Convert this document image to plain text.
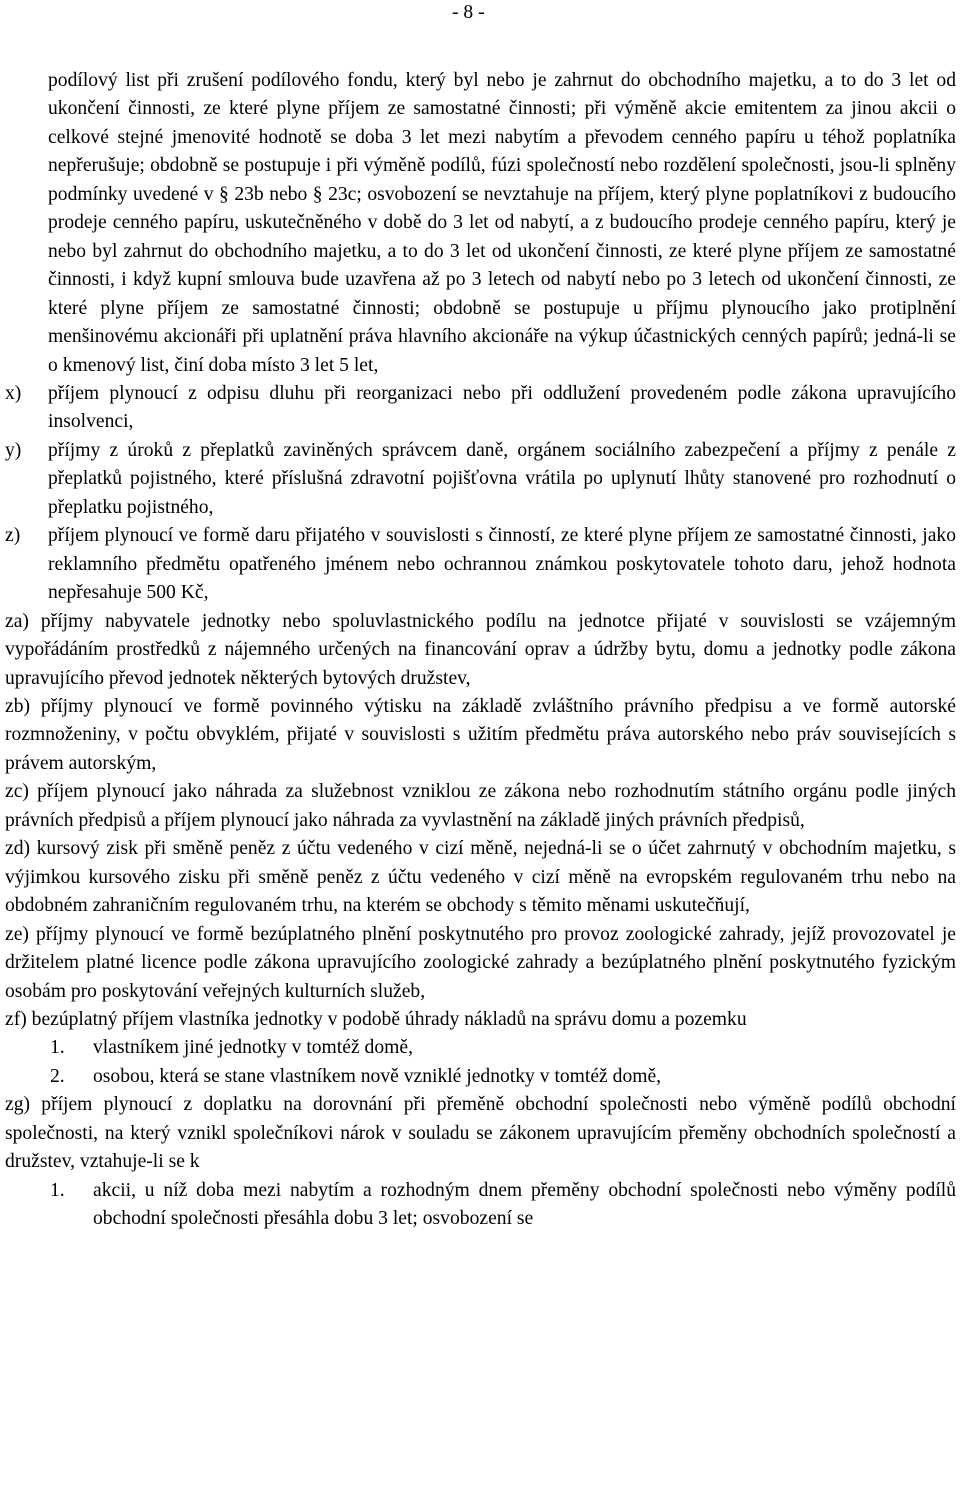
- 8 -

podílový list při zrušení podílového fondu, který byl nebo je zahrnut do obchodního majetku, a to do 3 let od ukončení činnosti, ze které plyne příjem ze samostatné činnosti; při výměně akcie emitentem za jinou akcii o celkové stejné jmenovité hodnotě se doba 3 let mezi nabytím a převodem cenného papíru u téhož poplatníka nepřerušuje; obdobně se postupuje i při výměně podílů, fúzi společností nebo rozdělení společnosti, jsou-li splněny podmínky uvedené v § 23b nebo § 23c; osvobození se nevztahuje na příjem, který plyne poplatníkovi z budoucího prodeje cenného papíru, uskutečněného v době do 3 let od nabytí, a z budoucího prodeje cenného papíru, který je nebo byl zahrnut do obchodního majetku, a to do 3 let od ukončení činnosti, ze které plyne příjem ze samostatné činnosti, i když kupní smlouva bude uzavřena až po 3 letech od nabytí nebo po 3 letech od ukončení činnosti, ze které plyne příjem ze samostatné činnosti; obdobně se postupuje u příjmu plynoucího jako protiplnění menšinovému akcionáři při uplatnění práva hlavního akcionáře na výkup účastnických cenných papírů; jedná-li se o kmenový list, činí doba místo 3 let 5 let,

x)	příjem plynoucí z odpisu dluhu při reorganizaci nebo při oddlužení provedeném podle zákona upravujícího insolvenci,
y)	příjmy z úroků z přeplatků zaviněných správcem daně, orgánem sociálního zabezpečení a příjmy z penále z přeplatků pojistného, které příslušná zdravotní pojišťovna vrátila po uplynutí lhůty stanovené pro rozhodnutí o přeplatku pojistného,
z)	příjem plynoucí ve formě daru přijatého v souvislosti s činností, ze které plyne příjem ze samostatné činnosti, jako reklamního předmětu opatřeného jménem nebo ochrannou známkou poskytovatele tohoto daru, jehož hodnota nepřesahuje 500 Kč,

za) příjmy nabyvatele jednotky nebo spoluvlastnického podílu na jednotce přijaté v souvislosti se vzájemným vypořádáním prostředků z nájemného určených na financování oprav a údržby bytu, domu a jednotky podle zákona upravujícího převod jednotek některých bytových družstev,

zb) příjmy plynoucí ve formě povinného výtisku na základě zvláštního právního předpisu a ve formě autorské rozmnoženiny, v počtu obvyklém, přijaté v souvislosti s užitím předmětu práva autorského nebo práv souvisejících s právem autorským,

zc) příjem plynoucí jako náhrada za služebnost vzniklou ze zákona nebo rozhodnutím státního orgánu podle jiných právních předpisů a příjem plynoucí jako náhrada za vyvlastnění na základě jiných právních předpisů,

zd) kursový zisk při směně peněz z účtu vedeného v cizí měně, nejedná-li se o účet zahrnutý v obchodním majetku, s výjimkou kursového zisku při směně peněz z účtu vedeného v cizí měně na evropském regulovaném trhu nebo na obdobném zahraničním regulovaném trhu, na kterém se obchody s těmito měnami uskutečňují,

ze) příjmy plynoucí ve formě bezúplatného plnění poskytnutého pro provoz zoologické zahrady, jejíž provozovatel je držitelem platné licence podle zákona upravujícího zoologické zahrady a bezúplatného plnění poskytnutého fyzickým osobám pro poskytování veřejných kulturních služeb,

zf) bezúplatný příjem vlastníka jednotky v podobě úhrady nákladů na správu domu a pozemku

1.	vlastníkem jiné jednotky v tomtéž domě,
2.	osobou, která se stane vlastníkem nově vzniklé jednotky v tomtéž domě,

zg) příjem plynoucí z doplatku na dorovnání při přeměně obchodní společnosti nebo výměně podílů obchodní společnosti, na který vznikl společníkovi nárok v souladu se zákonem upravujícím přeměny obchodních společností a družstev, vztahuje-li se k

1.	akcii, u níž doba mezi nabytím a rozhodným dnem přeměny obchodní společnosti nebo výměny podílů obchodní společnosti přesáhla dobu 3 let; osvobození se
